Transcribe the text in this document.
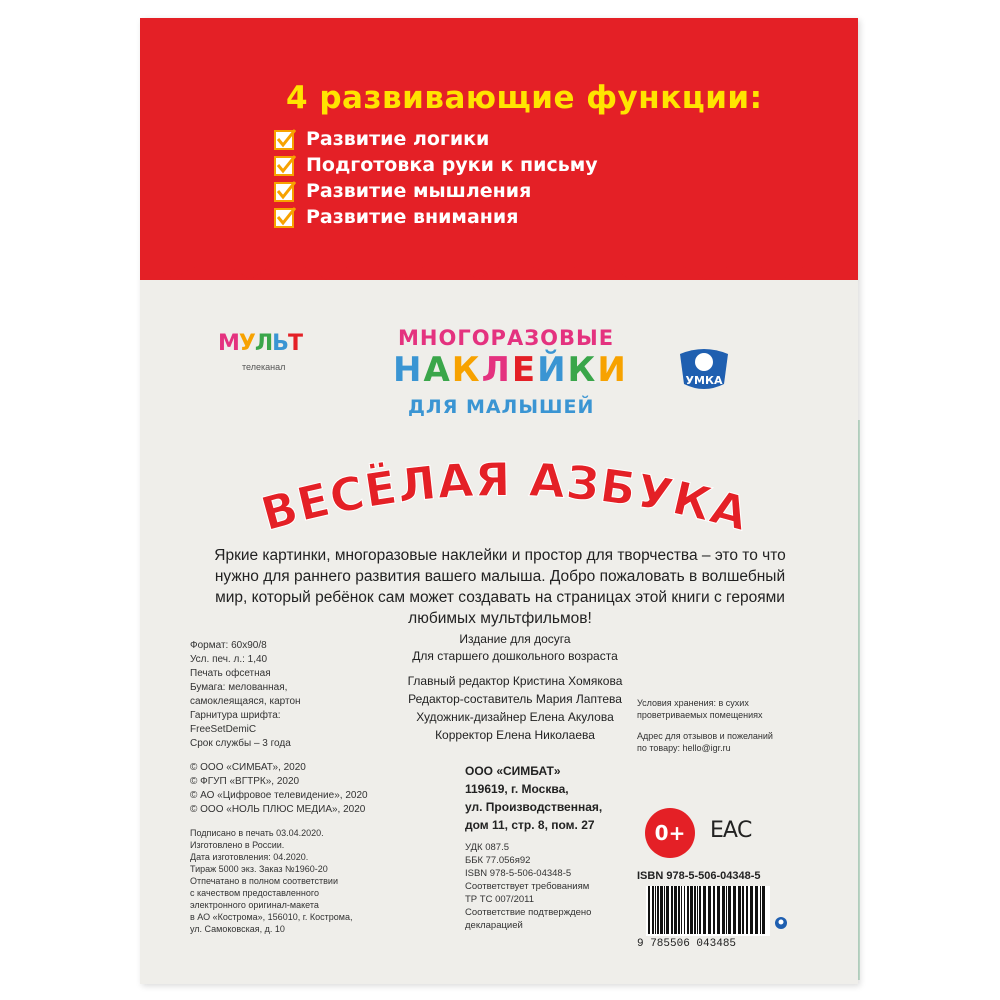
4 развивающие функции:
Развитие логики
Подготовка руки к письму
Развитие мышления
Развитие внимания
МУЛЬТ
телеканал
МНОГОРАЗОВЫЕ
НАКЛЕЙКИ
ДЛЯ МАЛЫШЕЙ
УМКА
ВЕСЁЛАЯ АЗБУКА
Яркие картинки, многоразовые наклейки и простор для творчества – это то что нужно для раннего развития вашего малыша. Добро пожаловать в волшебный мир, который ребёнок сам может создавать на страницах этой книги с героями любимых мультфильмов!
Издание для досуга
Для старшего дошкольного возраста
Формат: 60x90/8
Усл. печ. л.: 1,40
Печать офсетная
Бумага: мелованная,
самоклеящаяся, картон
Гарнитура шрифта:
FreeSetDemiC
Срок службы – 3 года
© ООО «СИМБАТ», 2020
© ФГУП «ВГТРК», 2020
© АО «Цифровое телевидение», 2020
© ООО «НОЛЬ ПЛЮС МЕДИА», 2020
Подписано в печать 03.04.2020.
Изготовлено в России.
Дата изготовления: 04.2020.
Тираж 5000 экз. Заказ №1960-20
Отпечатано в полном соответствии
с качеством предоставленного
электронного оригинал-макета
в АО «Кострома», 156010, г. Кострома,
ул. Самоковская, д. 10
Главный редактор Кристина Хомякова
Редактор-составитель Мария Лаптева
Художник-дизайнер Елена Акулова
Корректор Елена Николаева
ООО «СИМБАТ»
119619, г. Москва,
ул. Производственная,
дом 11, стр. 8, пом. 27
УДК 087.5
ББК 77.056я92
ISBN 978-5-506-04348-5
Соответствует требованиям
ТР ТС 007/2011
Соответствие подтверждено
декларацией
Условия хранения: в сухих
проветриваемых помещениях
Адрес для отзывов и пожеланий
по товару: hello@igr.ru
0+	ЕАС
ISBN 978-5-506-04348-5
9 785506 043485
